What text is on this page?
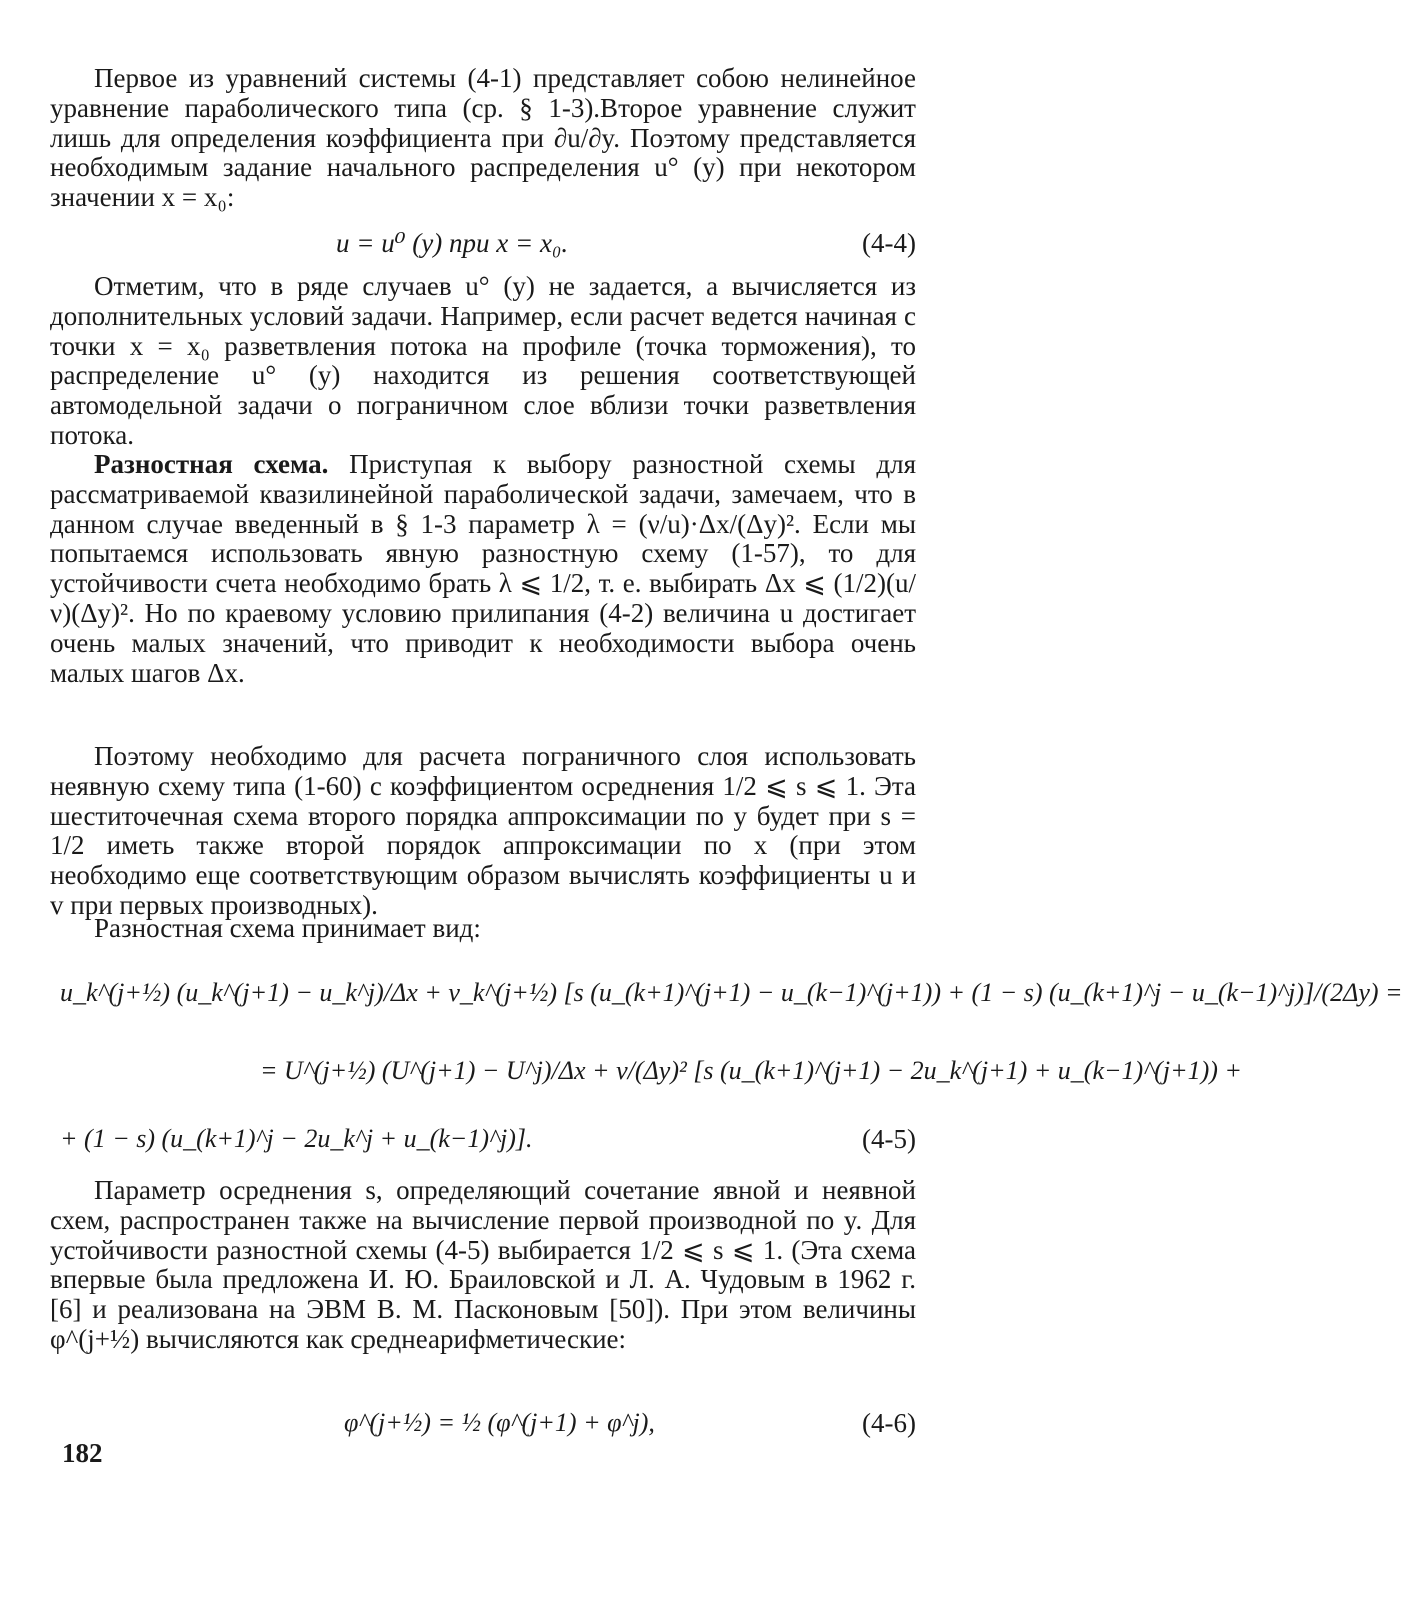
Первое из уравнений системы (4-1) представляет собою нелинейное уравнение параболического типа (ср. § 1-3).Второе уравнение служит лишь для определения коэффициента при ∂u/∂y. Поэтому представляется необходимым задание начального распределения u° (y) при некотором значении x = x₀:

u = u⁰ (y) при x = x₀.	(4-4)

Отметим, что в ряде случаев u° (y) не задается, а вычисляется из дополнительных условий задачи. Например, если расчет ведется начиная с точки x = x₀ разветвления потока на профиле (точка торможения), то распределение u° (y) находится из решения соответствующей автомодельной задачи о пограничном слое вблизи точки разветвления потока.

Разностная схема. Приступая к выбору разностной схемы для рассматриваемой квазилинейной параболической задачи, замечаем, что в данном случае введенный в § 1-3 параметр λ = (ν/u)·Δx/(Δy)². Если мы попытаемся использовать явную разностную схему (1-57), то для устойчивости счета необходимо брать λ ⩽ 1/2, т. е. выбирать Δx ⩽ (1/2)(u/ν)(Δy)². Но по краевому условию прилипания (4-2) величина u достигает очень малых значений, что приводит к необходимости выбора очень малых шагов Δx.

Поэтому необходимо для расчета пограничного слоя использовать неявную схему типа (1-60) с коэффициентом осреднения 1/2 ⩽ s ⩽ 1. Эта шеститочечная схема второго порядка аппроксимации по y будет при s = 1/2 иметь также второй порядок аппроксимации по x (при этом необходимо еще соответствующим образом вычислять коэффициенты u и v при первых производных).

Разностная схема принимает вид:

u_k^(j+½) (u_k^(j+1) − u_k^j)/Δx + v_k^(j+½) [s (u_(k+1)^(j+1) − u_(k−1)^(j+1)) + (1 − s) (u_(k+1)^j − u_(k−1)^j)]/(2Δy) =
= U^(j+½) (U^(j+1) − U^j)/Δx + ν/(Δy)² [s (u_(k+1)^(j+1) − 2u_k^(j+1) + u_(k−1)^(j+1)) +
+ (1 − s) (u_(k+1)^j − 2u_k^j + u_(k−1)^j)].	(4-5)

Параметр осреднения s, определяющий сочетание явной и неявной схем, распространен также на вычисление первой производной по y. Для устойчивости разностной схемы (4-5) выбирается 1/2 ⩽ s ⩽ 1. (Эта схема впервые была предложена И. Ю. Браиловской и Л. А. Чудовым в 1962 г. [6] и реализована на ЭВМ В. М. Пасконовым [50]). При этом величины φ^(j+½) вычисляются как среднеарифметические:

φ^(j+½) = ½ (φ^(j+1) + φ^j),	(4-6)
182
